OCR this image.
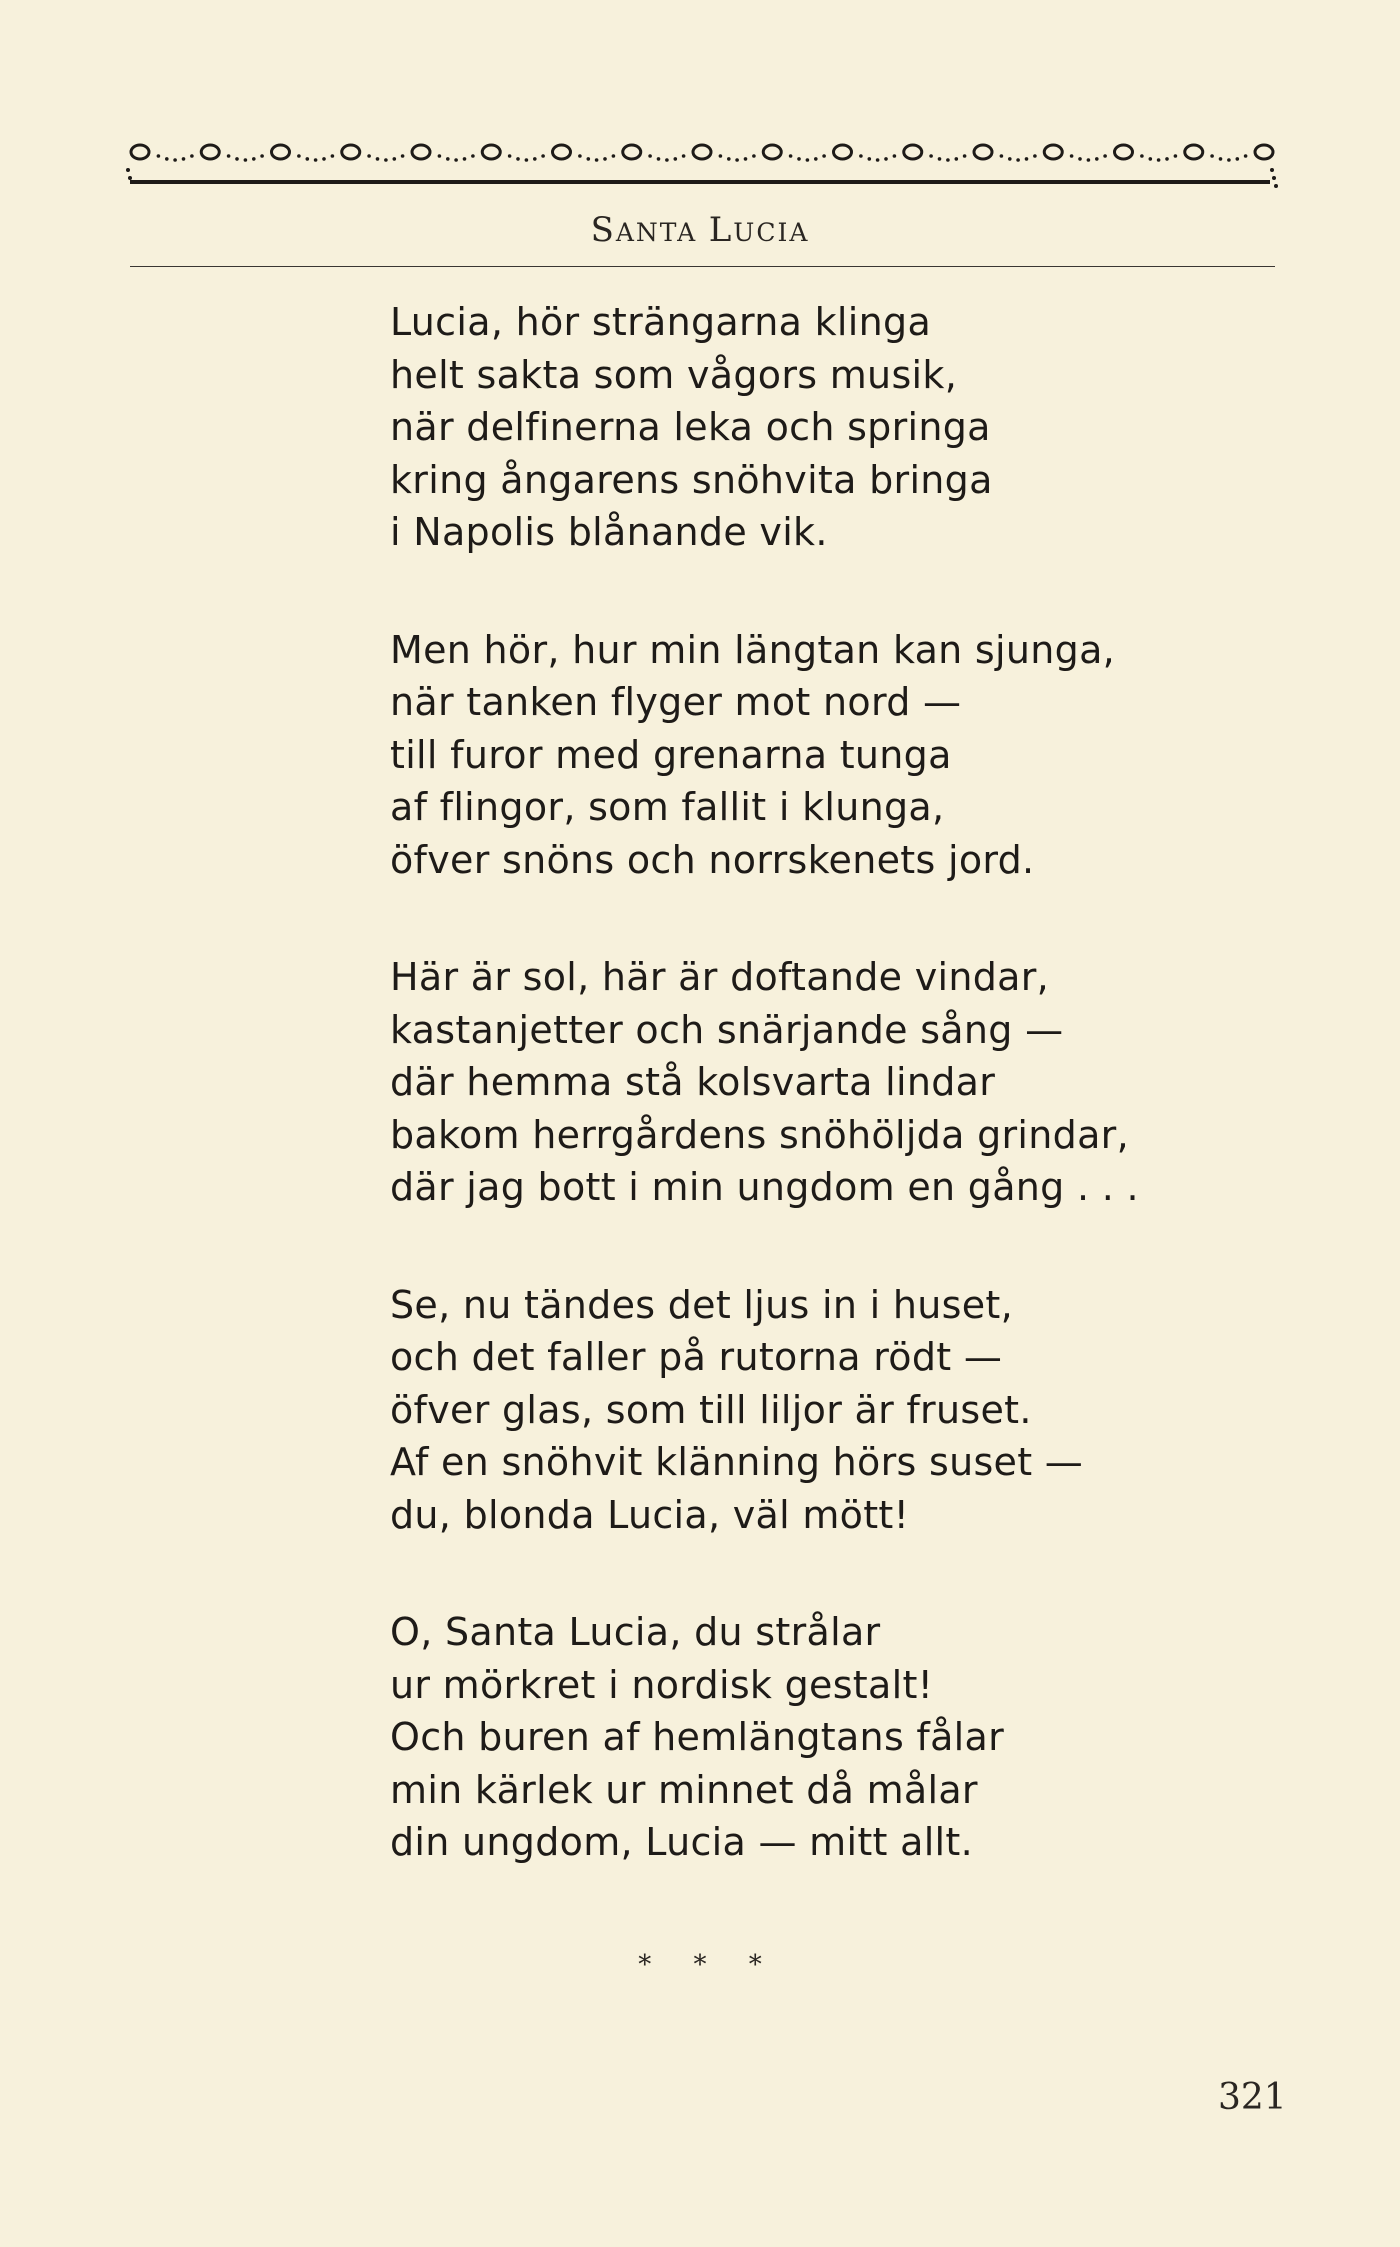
SANTA LUCIA
Lucia, hör strängarna klinga
helt sakta som vågors musik,
när delfinerna leka och springa
kring ångarens snöhvita bringa
i Napolis blånande vik.
Men hör, hur min längtan kan sjunga,
när tanken flyger mot nord —
till furor med grenarna tunga
af flingor, som fallit i klunga,
öfver snöns och norrskenets jord.
Här är sol, här är doftande vindar,
kastanjetter och snärjande sång —
där hemma stå kolsvarta lindar
bakom herrgårdens snöhöljda grindar,
där jag bott i min ungdom en gång . . .
Se, nu tändes det ljus in i huset,
och det faller på rutorna rödt —
öfver glas, som till liljor är fruset.
Af en snöhvit klänning hörs suset —
du, blonda Lucia, väl mött!
O, Santa Lucia, du strålar
ur mörkret i nordisk gestalt!
Och buren af hemlängtans fålar
min kärlek ur minnet då målar
din ungdom, Lucia — mitt allt.
* * *
321
